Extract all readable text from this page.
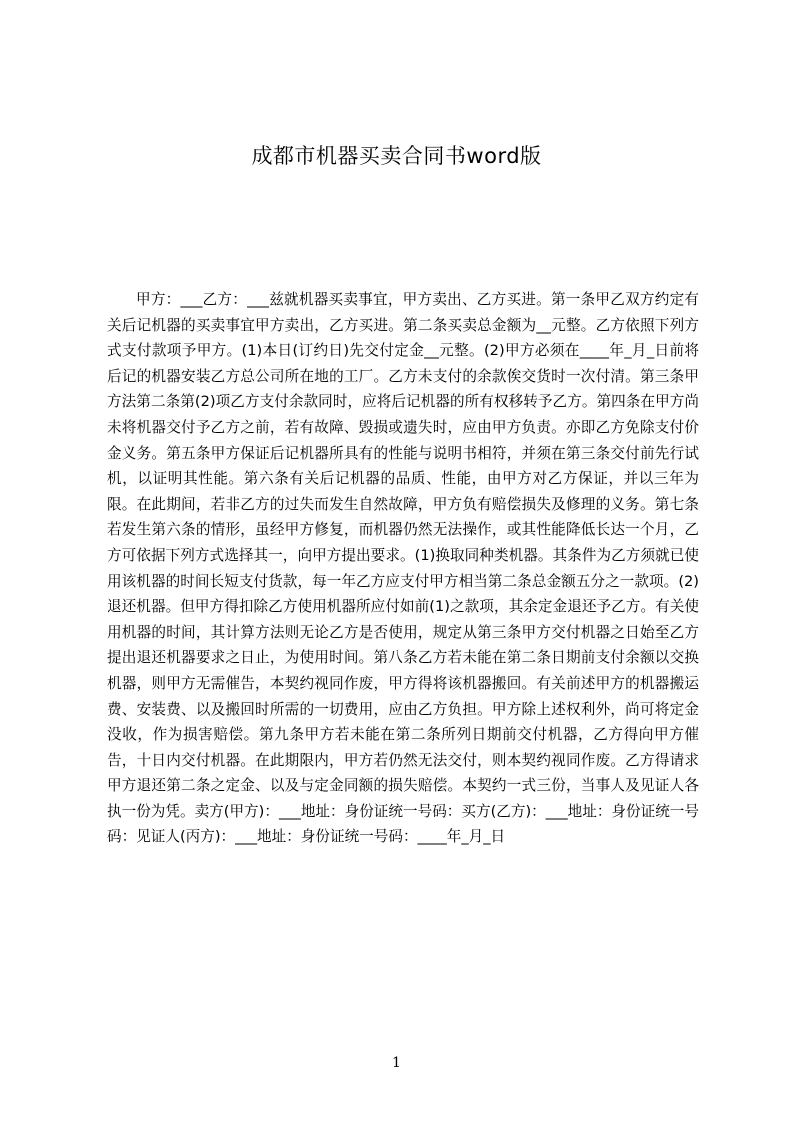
成都市机器买卖合同书word版

甲方：___乙方：___兹就机器买卖事宜，甲方卖出、乙方买进。第一条甲乙双方约定有关后记机器的买卖事宜甲方卖出，乙方买进。第二条买卖总金额为__元整。乙方依照下列方式支付款项予甲方。(1)本日(订约日)先交付定金__元整。(2)甲方必须在____年_月_日前将后记的机器安装乙方总公司所在地的工厂。乙方未支付的余款俟交货时一次付清。第三条甲方法第二条第(2)项乙方支付余款同时，应将后记机器的所有权移转予乙方。第四条在甲方尚未将机器交付予乙方之前，若有故障、毁损或遗失时，应由甲方负责。亦即乙方免除支付价金义务。第五条甲方保证后记机器所具有的性能与说明书相符，并须在第三条交付前先行试机，以证明其性能。第六条有关后记机器的品质、性能，由甲方对乙方保证，并以三年为限。在此期间，若非乙方的过失而发生自然故障，甲方负有赔偿损失及修理的义务。第七条若发生第六条的情形，虽经甲方修复，而机器仍然无法操作，或其性能降低长达一个月，乙方可依据下列方式选择其一，向甲方提出要求。(1)换取同种类机器。其条件为乙方须就已使用该机器的时间长短支付货款，每一年乙方应支付甲方相当第二条总金额五分之一款项。(2)退还机器。但甲方得扣除乙方使用机器所应付如前(1)之款项，其余定金退还予乙方。有关使用机器的时间，其计算方法则无论乙方是否使用，规定从第三条甲方交付机器之日始至乙方提出退还机器要求之日止，为使用时间。第八条乙方若未能在第二条日期前支付余额以交换机器，则甲方无需催告，本契约视同作废，甲方得将该机器搬回。有关前述甲方的机器搬运费、安装费、以及搬回时所需的一切费用，应由乙方负担。甲方除上述权利外，尚可将定金没收，作为损害赔偿。第九条甲方若未能在第二条所列日期前交付机器，乙方得向甲方催告，十日内交付机器。在此期限内，甲方若仍然无法交付，则本契约视同作废。乙方得请求甲方退还第二条之定金、以及与定金同额的损失赔偿。本契约一式三份，当事人及见证人各执一份为凭。卖方(甲方)：___地址：身份证统一号码：买方(乙方)：___地址：身份证统一号码：见证人(丙方)：___地址：身份证统一号码：____年_月_日

1
